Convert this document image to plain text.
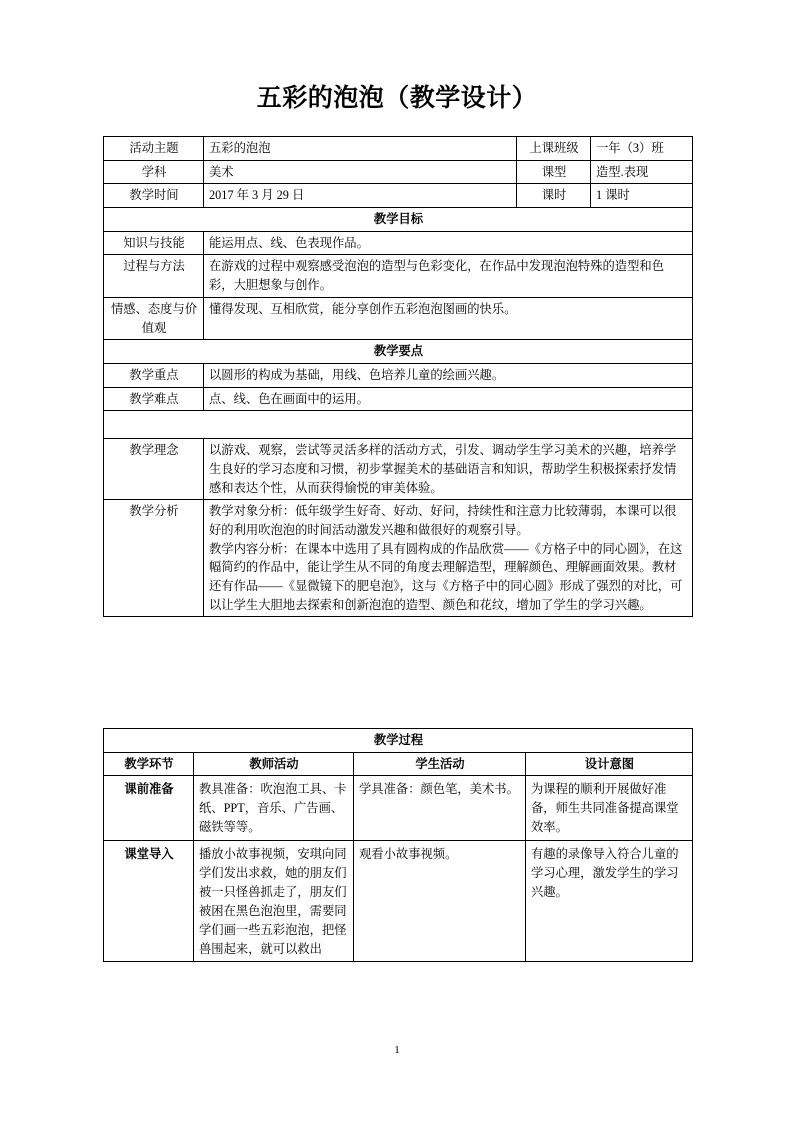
五彩的泡泡（教学设计）
活动主题	五彩的泡泡	上课班级	一年（3）班
学科	美术	课型	造型.表现
教学时间	2017 年 3 月 29 日	课时	1 课时
教学目标			
知识与技能	能运用点、线、色表现作品。		
过程与方法	在游戏的过程中观察感受泡泡的造型与色彩变化，在作品中发现泡泡特殊的造型和色彩，大胆想象与创作。		
情感、态度与价值观	懂得发现、互相欣赏，能分享创作五彩泡泡图画的快乐。		
教学要点			
教学重点	以圆形的构成为基础，用线、色培养儿童的绘画兴趣。		
教学难点	点、线、色在画面中的运用。		

教学理念	以游戏、观察，尝试等灵活多样的活动方式，引发、调动学生学习美术的兴趣，培养学生良好的学习态度和习惯，初步掌握美术的基础语言和知识，帮助学生积极探索抒发情感和表达个性，从而获得愉悦的审美体验。		
教学分析	教学对象分析：低年级学生好奇、好动、好问，持续性和注意力比较薄弱，本课可以很好的利用吹泡泡的时间活动激发兴趣和做很好的观察引导。

教学内容分析：在课本中选用了具有圆构成的作品欣赏——《方格子中的同心圆》，在这幅简约的作品中，能让学生从不同的角度去理解造型，理解颜色、理解画面效果。教材还有作品——《显微镜下的肥皂泡》，这与《方格子中的同心圆》形成了强烈的对比，可以让学生大胆地去探索和创新泡泡的造型、颜色和花纹，增加了学生的学习兴趣。		

教学过程			
教学环节	教师活动	学生活动	设计意图
课前准备	教具准备：吹泡泡工具、卡纸、PPT，音乐、广告画、磁铁等等。	学具准备：颜色笔，美术书。	为课程的顺利开展做好准备，师生共同准备提高课堂效率。
课堂导入	播放小故事视频，安琪向同学们发出求救，她的朋友们被一只怪兽抓走了，朋友们被困在黑色泡泡里，需要同学们画一些五彩泡泡，把怪兽围起来，就可以救出	观看小故事视频。	有趣的录像导入符合儿童的学习心理，激发学生的学习兴趣。
1
